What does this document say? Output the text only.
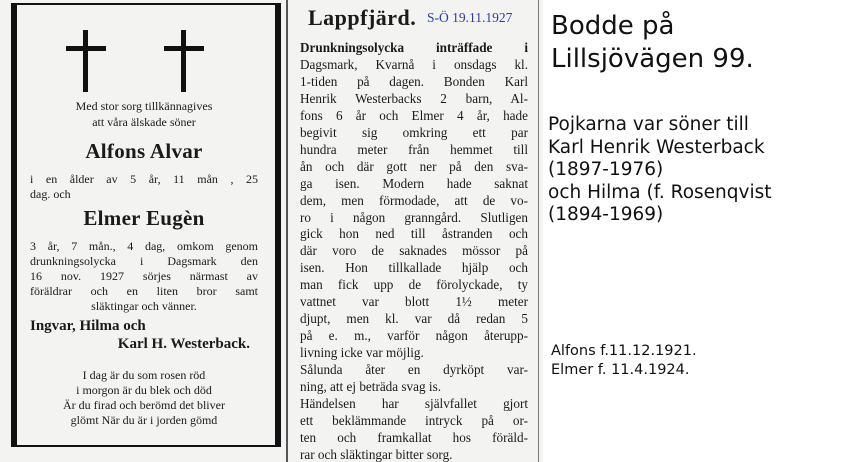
Med stor sorg tillkännagives
att våra älskade söner
Alfons Alvar
i en ålder av 5 år, 11 mån , 25
dag. och
Elmer Eugèn
3 år, 7 mån., 4 dag, omkom genom
drunkningsolycka i Dagsmark den
16 nov. 1927 sörjes närmast av
föräldrar och en liten bror samt
släktingar och vänner.
Ingvar, Hilma och
Karl H. Westerback.
I dag är du som rosen röd
i morgon är du blek och död
Är du firad och berömd det bliver
glömt När du är i jorden gömd
Lappfjärd. S-Ö 19.11.1927
Drunkningsolycka inträffade i
Dagsmark, Kvarnå i onsdags kl.
1-tiden på dagen. Bonden Karl
Henrik Westerbacks 2 barn, Al-
fons 6 år och Elmer 4 år, hade
begivit sig omkring ett par
hundra meter från hemmet till
ån och där gott ner på den sva-
ga isen. Modern hade saknat
dem, men förmodade, att de vo-
ro i någon granngård. Slutligen
gick hon ned till åstranden och
där voro de saknades mössor på
isen. Hon tillkallade hjälp och
man fick upp de förolyckade, ty
vattnet var blott 1½ meter
djupt, men kl. var då redan 5
på e. m., varför någon återupp-
livning icke var möjlig.
Sålunda åter en dyrköpt var-
ning, att ej beträda svag is.
Händelsen har självfallet gjort
ett beklämmande intryck på or-
ten och framkallat hos föräld-
rar och släktingar bitter sorg.
Bodde på
Lillsjövägen 99.
Pojkarna var söner till
Karl Henrik Westerback
(1897-1976)
och Hilma (f. Rosenqvist
(1894-1969)
Alfons f.11.12.1921.
Elmer f. 11.4.1924.
